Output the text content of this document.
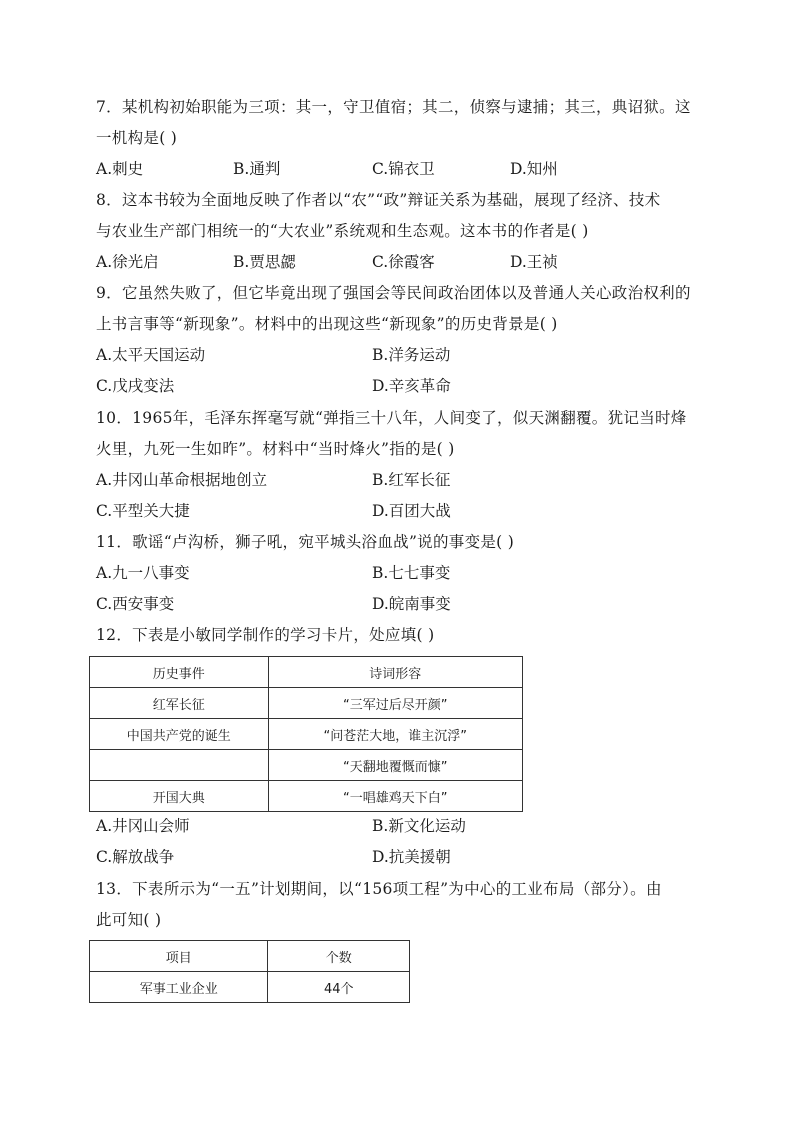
7．某机构初始职能为三项：其一，守卫值宿；其二，侦察与逮捕；其三，典诏狱。这
一机构是( )
A.刺史	B.通判	C.锦衣卫	D.知州
8．这本书较为全面地反映了作者以“农”“政”辩证关系为基础，展现了经济、技术
与农业生产部门相统一的“大农业”系统观和生态观。这本书的作者是( )
A.徐光启	B.贾思勰	C.徐霞客	D.王祯
9．它虽然失败了，但它毕竟出现了强国会等民间政治团体以及普通人关心政治权利的
上书言事等“新现象”。材料中的出现这些“新现象”的历史背景是( )
A.太平天国运动	B.洋务运动
C.戊戌变法	D.辛亥革命
10．1965年，毛泽东挥毫写就“弹指三十八年，人间变了，似天渊翻覆。犹记当时烽
火里，九死一生如昨”。材料中“当时烽火”指的是( )
A.井冈山革命根据地创立	B.红军长征
C.平型关大捷	D.百团大战
11．歌谣“卢沟桥，狮子吼，宛平城头浴血战”说的事变是( )
A.九一八事变	B.七七事变
C.西安事变	D.皖南事变
12．下表是小敏同学制作的学习卡片，处应填( )
历史事件	诗词形容
红军长征	“三军过后尽开颜”
中国共产党的诞生	“问苍茫大地，谁主沉浮”
	“天翻地覆慨而慷”
开国大典	“一唱雄鸡天下白”
A.井冈山会师	B.新文化运动
C.解放战争	D.抗美援朝
13．下表所示为“一五”计划期间，以“156项工程”为中心的工业布局（部分）。由
此可知( )
项目	个数
军事工业企业	44个
